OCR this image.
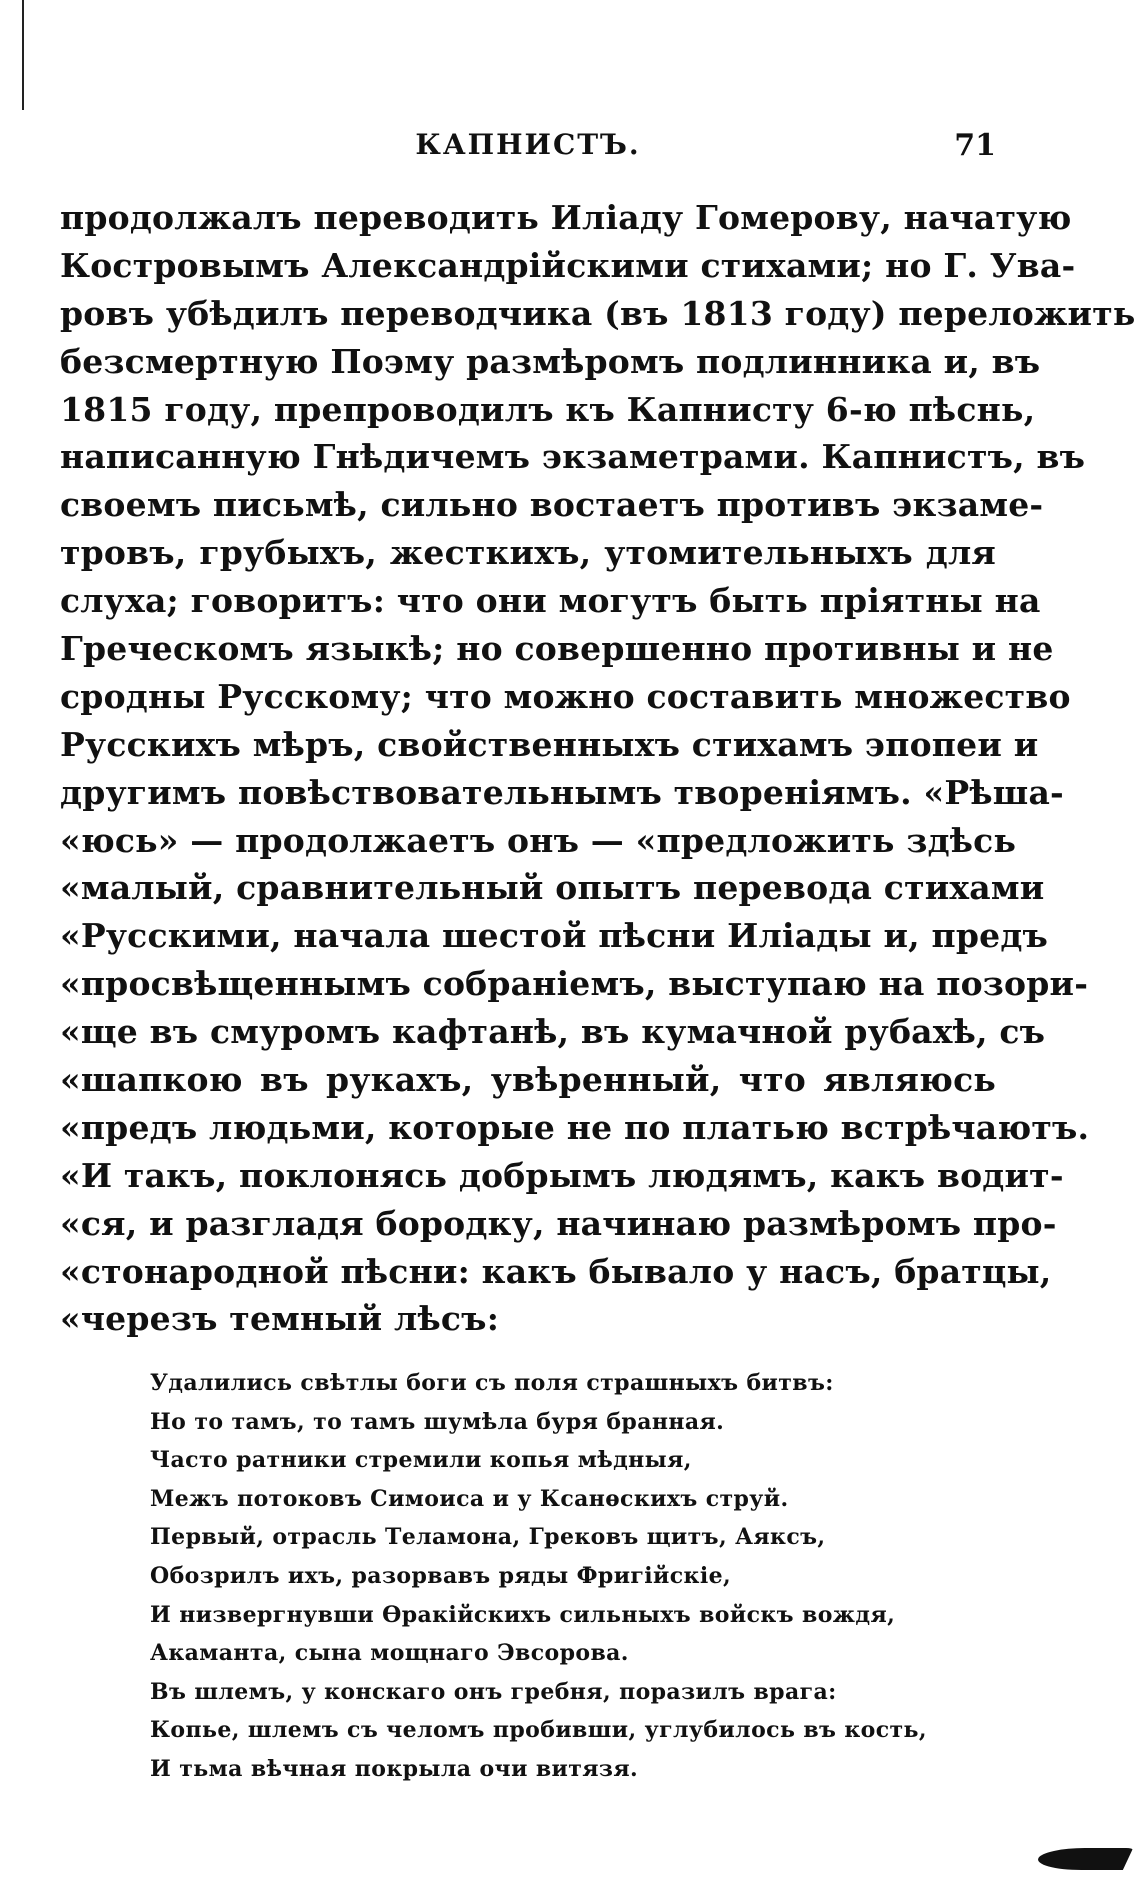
КАПНИСТЪ.	71
продолжалъ переводить Иліаду Гомерову, начатую
Костровымъ Александрійскими стихами; но Г. Ува-
ровъ убѣдилъ переводчика (въ 1813 году) переложить
безсмертную Поэму размѣромъ подлинника и, въ
1815 году, препроводилъ къ Капнисту 6-ю пѣснь,
написанную Гнѣдичемъ экзаметрами. Капнистъ, въ
своемъ письмѣ, сильно востаетъ противъ экзаме-
тровъ, грубыхъ, жесткихъ, утомительныхъ для
слуха; говоритъ: что они могутъ быть пріятны на
Греческомъ языкѣ; но совершенно противны и не
сродны Русскому; что можно составить множество
Русскихъ мѣръ, свойственныхъ стихамъ эпопеи и
другимъ повѣствовательнымъ твореніямъ. «Рѣша-
«юсь» — продолжаетъ онъ — «предложить здѣсь
«малый, сравнительный опытъ перевода стихами
«Русскими, начала шестой пѣсни Иліады и, предъ
«просвѣщеннымъ собраніемъ, выступаю на позори-
«ще въ смуромъ кафтанѣ, въ кумачной рубахѣ, съ
«шапкою въ рукахъ, увѣренный, что являюсь
«предъ людьми, которые не по платью встрѣчаютъ.
«И такъ, поклонясь добрымъ людямъ, какъ водит-
«ся, и разгладя бородку, начинаю размѣромъ про-
«стонародной пѣсни: какъ бывало у насъ, братцы,
«черезъ темный лѣсъ:
Удалились свѣтлы боги съ поля страшныхъ битвъ:
Но то тамъ, то тамъ шумѣла буря бранная.
Часто ратники стремили копья мѣдныя,
Межъ потоковъ Симоиса и у Ксанѳскихъ струй.
Первый, отрасль Теламона, Грековъ щитъ, Аяксъ,
Обозрилъ ихъ, разорвавъ ряды Фригійскіе,
И низвергнувши Ѳракійскихъ сильныхъ войскъ вождя,
Акаманта, сына мощнаго Эвсорова.
Въ шлемъ, у конскаго онъ гребня, поразилъ врага:
Копье, шлемъ съ челомъ пробивши, углубилось въ кость,
И тьма вѣчная покрыла очи витязя.
